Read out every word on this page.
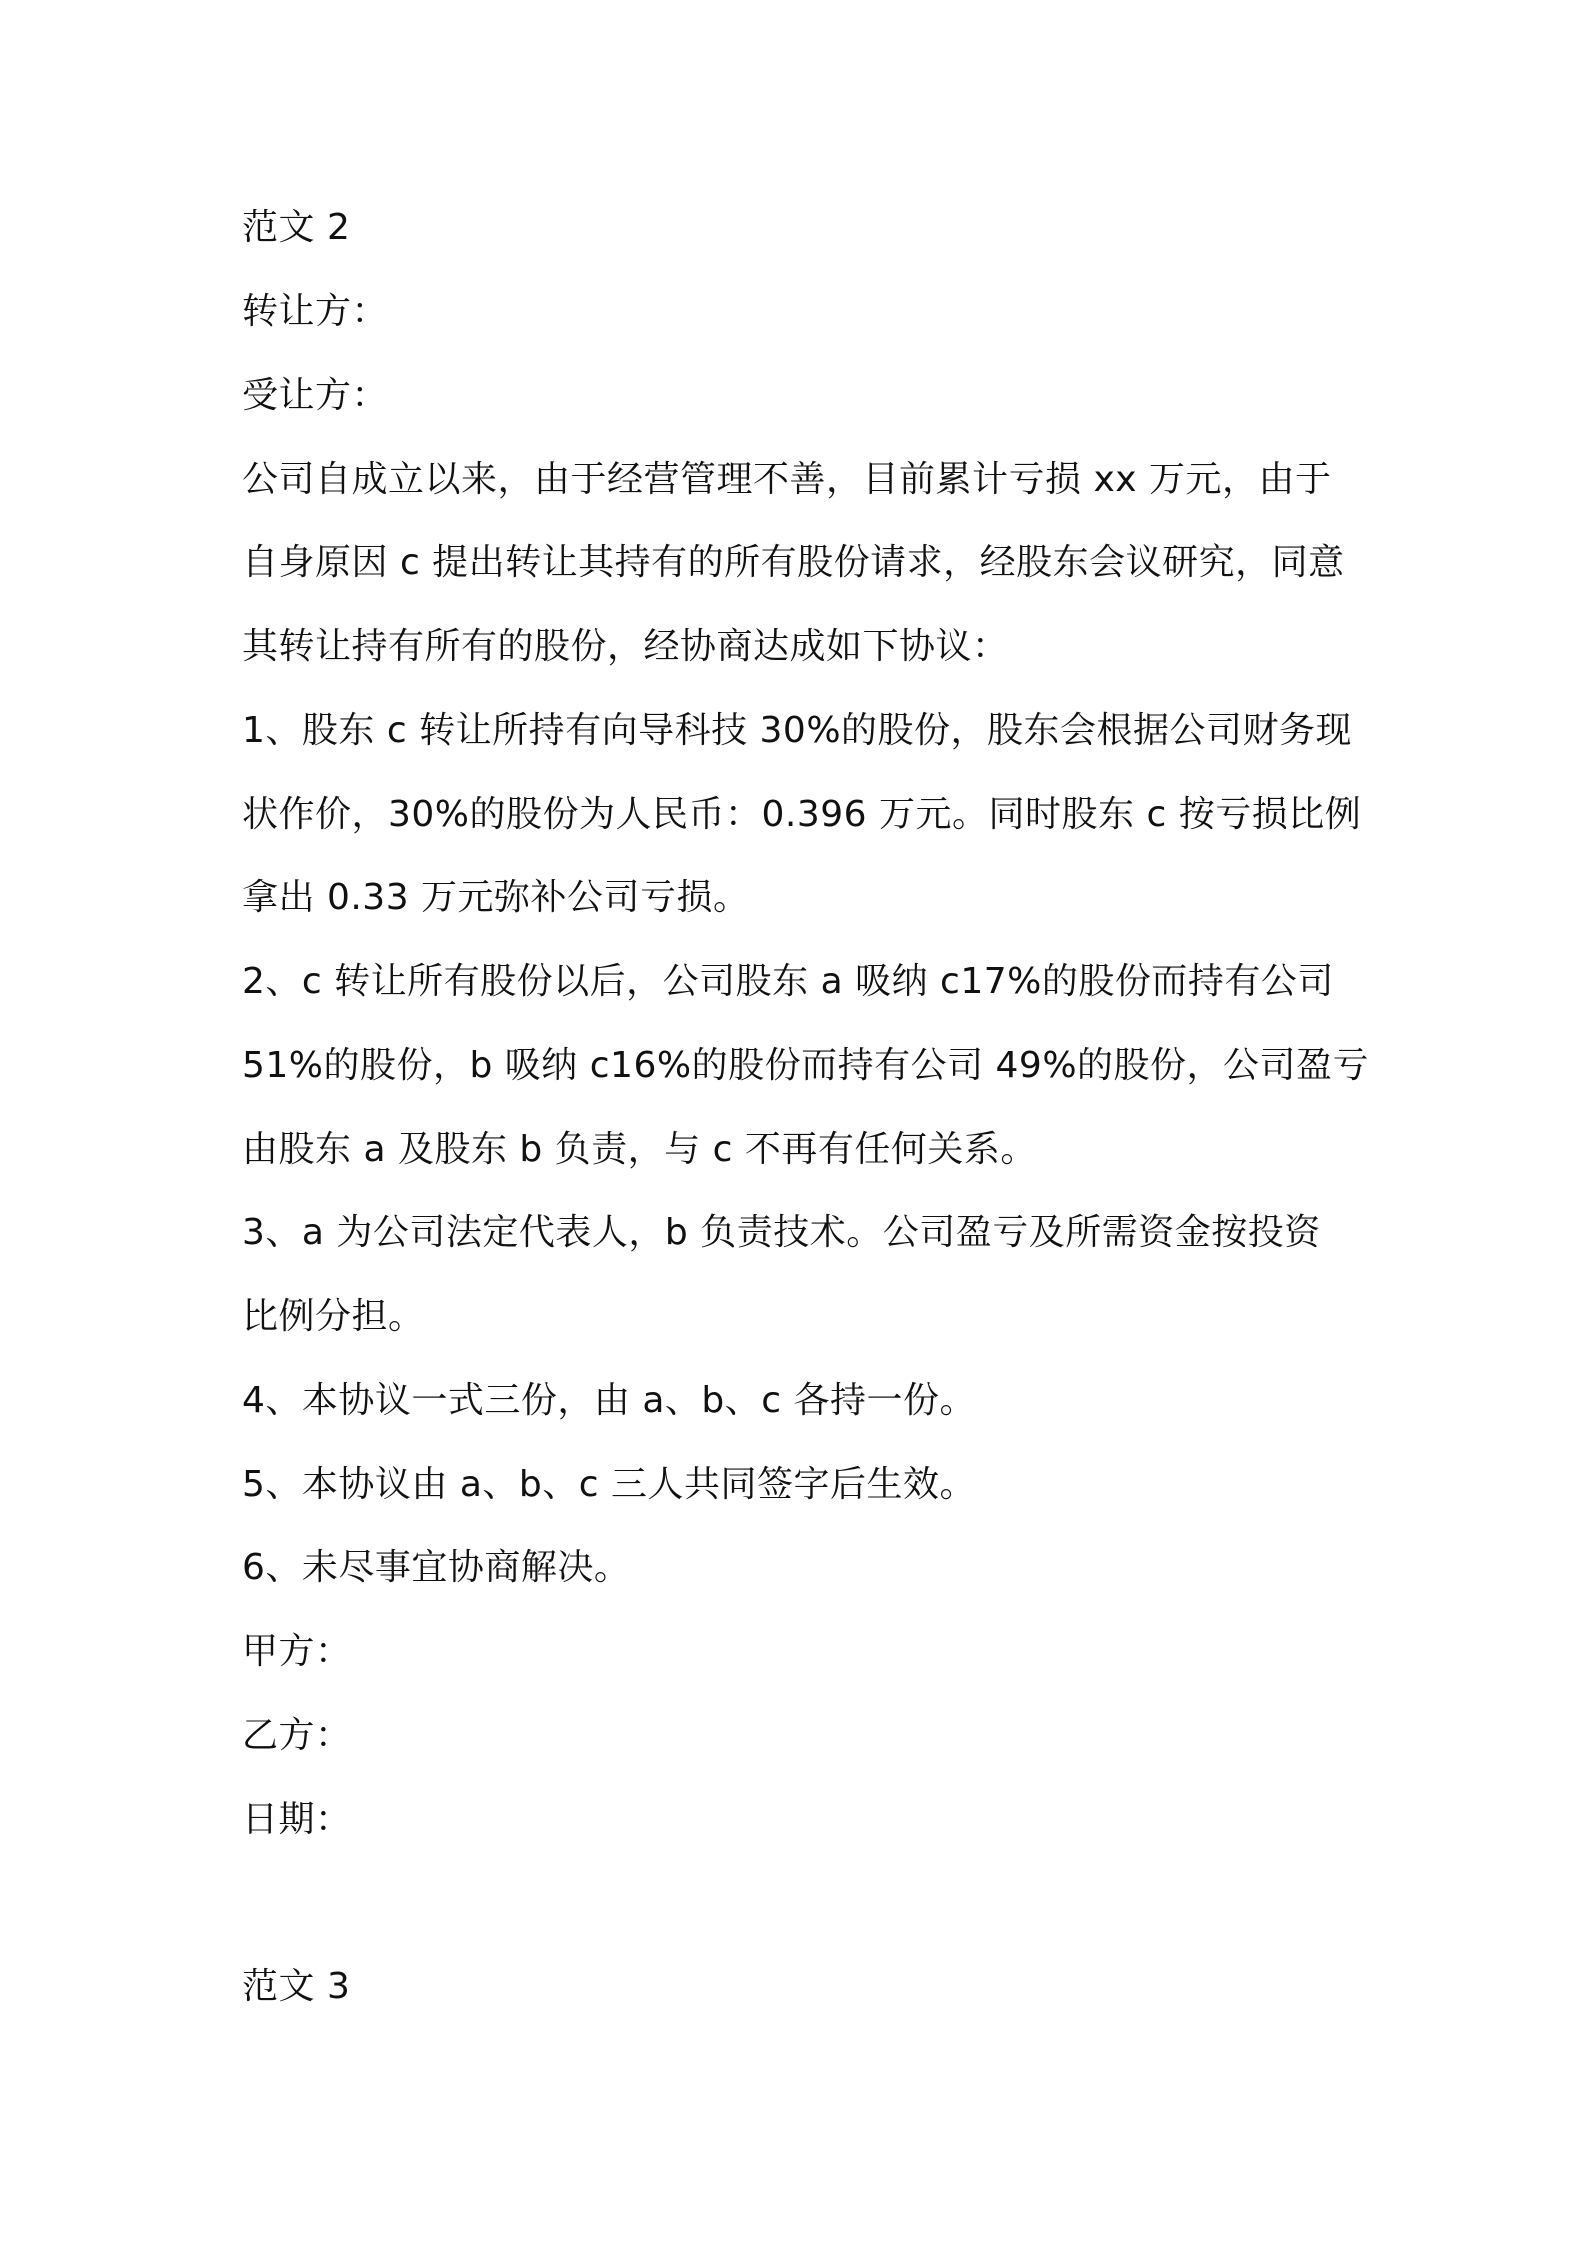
范文 2
转让方：
受让方：
公司自成立以来，由于经营管理不善，目前累计亏损 xx 万元，由于
自身原因 c 提出转让其持有的所有股份请求，经股东会议研究，同意
其转让持有所有的股份，经协商达成如下协议：
1、股东 c 转让所持有向导科技 30%的股份，股东会根据公司财务现
状作价，30%的股份为人民币：0.396 万元。同时股东 c 按亏损比例
拿出 0.33 万元弥补公司亏损。
2、c 转让所有股份以后，公司股东 a 吸纳 c17%的股份而持有公司
51%的股份，b 吸纳 c16%的股份而持有公司 49%的股份，公司盈亏
由股东 a 及股东 b 负责，与 c 不再有任何关系。
3、a 为公司法定代表人，b 负责技术。公司盈亏及所需资金按投资
比例分担。
4、本协议一式三份，由 a、b、c 各持一份。
5、本协议由 a、b、c 三人共同签字后生效。
6、未尽事宜协商解决。
甲方：
乙方：
日期：
范文 3
